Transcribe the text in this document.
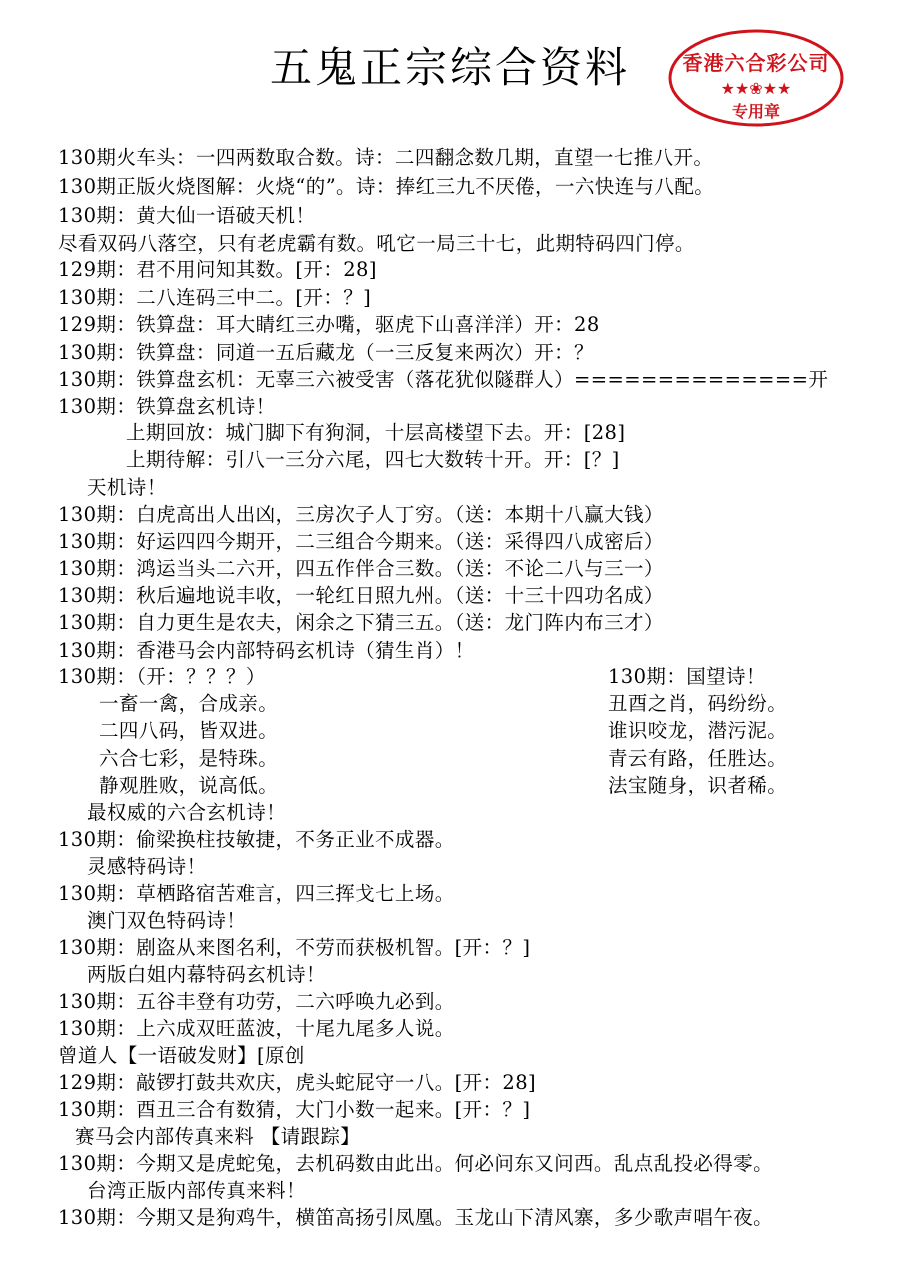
五鬼正宗综合资料	香港六合彩公司
★★❀★★
专用章
130期火车头：一四两数取合数。诗：二四翻念数几期，直望一七推八开。
130期正版火烧图解：火烧“的”。诗：捧红三九不厌倦，一六快连与八配。
130期：黄大仙一语破天机！
尽看双码八落空，只有老虎霸有数。吼它一局三十七，此期特码四门停。
129期：君不用问知其数。[开：28]
130期：二八连码三中二。[开：？]
129期：铁算盘：耳大睛红三办嘴，驱虎下山喜洋洋）开：28
130期：铁算盘：同道一五后藏龙（一三反复来两次）开：？
130期：铁算盘玄机：无辜三六被受害（落花犹似隧群人）==============开
130期：铁算盘玄机诗！
上期回放：城门脚下有狗洞，十层高楼望下去。开：[28]
上期待解：引八一三分六尾，四七大数转十开。开：[？]
天机诗！
130期：白虎高出人出凶，三房次子人丁穷。（送：本期十八赢大钱）
130期：好运四四今期开，二三组合今期来。（送：采得四八成密后）
130期：鸿运当头二六开，四五作伴合三数。（送：不论二八与三一）
130期：秋后遍地说丰收，一轮红日照九州。（送：十三十四功名成）
130期：自力更生是农夫，闲余之下猜三五。（送：龙门阵内布三才）
130期：香港马会内部特码玄机诗（猜生肖）！
130期：（开：？？？）
一畜一禽，合成亲。
二四八码，皆双进。
六合七彩，是特珠。
静观胜败，说高低。
130期：国望诗！
丑酉之肖，码纷纷。
谁识咬龙，潜污泥。
青云有路，任胜达。
法宝随身，识者稀。
最权威的六合玄机诗！
130期：偷梁换柱技敏捷，不务正业不成器。
灵感特码诗！
130期：草栖路宿苦难言，四三挥戈七上场。
澳门双色特码诗！
130期：剧盗从来图名利，不劳而获极机智。[开：？]
两版白姐内幕特码玄机诗！
130期：五谷丰登有功劳，二六呼唤九必到。
130期：上六成双旺蓝波，十尾九尾多人说。
曾道人【一语破发财】[原创
129期：敲锣打鼓共欢庆，虎头蛇屁守一八。[开：28]
130期：酉丑三合有数猜，大门小数一起来。[开：？]
赛马会内部传真来料 【请跟踪】
130期：今期又是虎蛇兔，去机码数由此出。何必问东又问西。乱点乱投必得零。
台湾正版内部传真来料！
130期：今期又是狗鸡牛，横笛高扬引凤凰。玉龙山下清风寨，多少歌声唱午夜。
